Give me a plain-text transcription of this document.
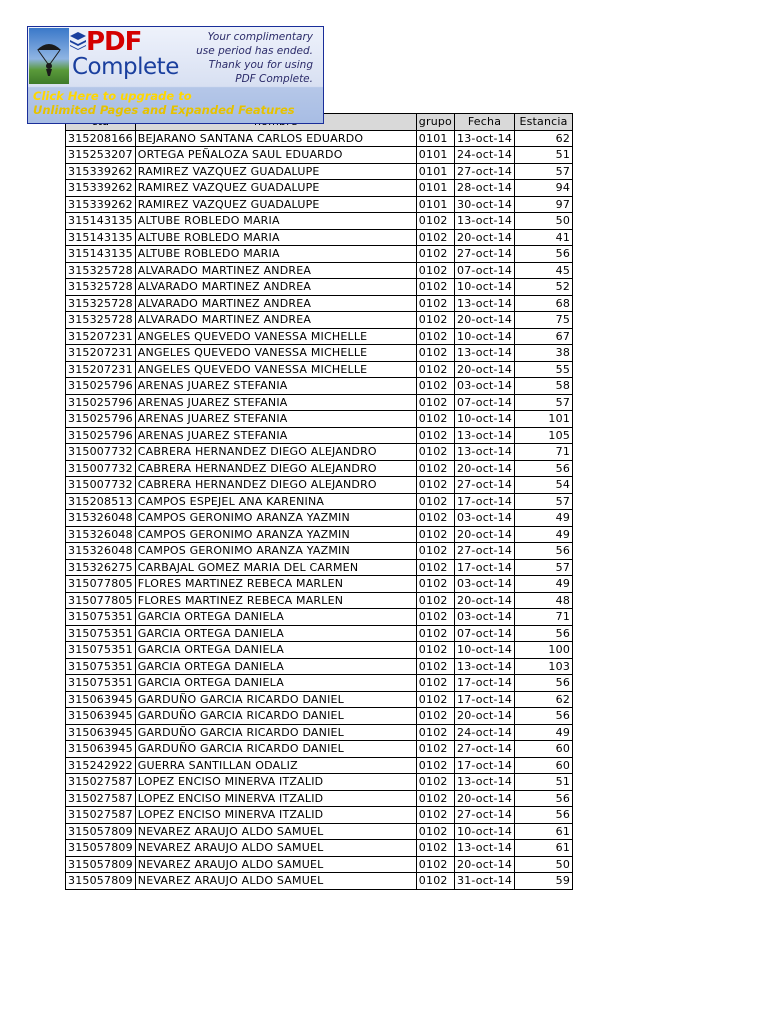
		grupo	Fecha	Estancia
315208166	BEJARANO SANTANA CARLOS EDUARDO	0101	13-oct-14	62
315253207	ORTEGA PEÑALOZA SAUL EDUARDO	0101	24-oct-14	51
315339262	RAMIREZ VAZQUEZ GUADALUPE	0101	27-oct-14	57
315339262	RAMIREZ VAZQUEZ GUADALUPE	0101	28-oct-14	94
315339262	RAMIREZ VAZQUEZ GUADALUPE	0101	30-oct-14	97
315143135	ALTUBE ROBLEDO MARIA	0102	13-oct-14	50
315143135	ALTUBE ROBLEDO MARIA	0102	20-oct-14	41
315143135	ALTUBE ROBLEDO MARIA	0102	27-oct-14	56
315325728	ALVARADO MARTINEZ ANDREA	0102	07-oct-14	45
315325728	ALVARADO MARTINEZ ANDREA	0102	10-oct-14	52
315325728	ALVARADO MARTINEZ ANDREA	0102	13-oct-14	68
315325728	ALVARADO MARTINEZ ANDREA	0102	20-oct-14	75
315207231	ANGELES QUEVEDO VANESSA MICHELLE	0102	10-oct-14	67
315207231	ANGELES QUEVEDO VANESSA MICHELLE	0102	13-oct-14	38
315207231	ANGELES QUEVEDO VANESSA MICHELLE	0102	20-oct-14	55
315025796	ARENAS JUAREZ STEFANIA	0102	03-oct-14	58
315025796	ARENAS JUAREZ STEFANIA	0102	07-oct-14	57
315025796	ARENAS JUAREZ STEFANIA	0102	10-oct-14	101
315025796	ARENAS JUAREZ STEFANIA	0102	13-oct-14	105
315007732	CABRERA HERNANDEZ DIEGO ALEJANDRO	0102	13-oct-14	71
315007732	CABRERA HERNANDEZ DIEGO ALEJANDRO	0102	20-oct-14	56
315007732	CABRERA HERNANDEZ DIEGO ALEJANDRO	0102	27-oct-14	54
315208513	CAMPOS ESPEJEL ANA KARENINA	0102	17-oct-14	57
315326048	CAMPOS GERONIMO ARANZA YAZMIN	0102	03-oct-14	49
315326048	CAMPOS GERONIMO ARANZA YAZMIN	0102	20-oct-14	49
315326048	CAMPOS GERONIMO ARANZA YAZMIN	0102	27-oct-14	56
315326275	CARBAJAL GOMEZ MARIA DEL CARMEN	0102	17-oct-14	57
315077805	FLORES MARTINEZ REBECA MARLEN	0102	03-oct-14	49
315077805	FLORES MARTINEZ REBECA MARLEN	0102	20-oct-14	48
315075351	GARCIA ORTEGA DANIELA	0102	03-oct-14	71
315075351	GARCIA ORTEGA DANIELA	0102	07-oct-14	56
315075351	GARCIA ORTEGA DANIELA	0102	10-oct-14	100
315075351	GARCIA ORTEGA DANIELA	0102	13-oct-14	103
315075351	GARCIA ORTEGA DANIELA	0102	17-oct-14	56
315063945	GARDUÑO GARCIA RICARDO DANIEL	0102	17-oct-14	62
315063945	GARDUÑO GARCIA RICARDO DANIEL	0102	20-oct-14	56
315063945	GARDUÑO GARCIA RICARDO DANIEL	0102	24-oct-14	49
315063945	GARDUÑO GARCIA RICARDO DANIEL	0102	27-oct-14	60
315242922	GUERRA SANTILLAN ODALIZ	0102	17-oct-14	60
315027587	LOPEZ ENCISO MINERVA ITZALID	0102	13-oct-14	51
315027587	LOPEZ ENCISO MINERVA ITZALID	0102	20-oct-14	56
315027587	LOPEZ ENCISO MINERVA ITZALID	0102	27-oct-14	56
315057809	NEVAREZ ARAUJO ALDO SAMUEL	0102	10-oct-14	61
315057809	NEVAREZ ARAUJO ALDO SAMUEL	0102	13-oct-14	61
315057809	NEVAREZ ARAUJO ALDO SAMUEL	0102	20-oct-14	50
315057809	NEVAREZ ARAUJO ALDO SAMUEL	0102	31-oct-14	59
PDF
Complete
Your complimentary
use period has ended.
Thank you for using
PDF Complete.
Click Here to upgrade to
Unlimited Pages and Expanded Features
